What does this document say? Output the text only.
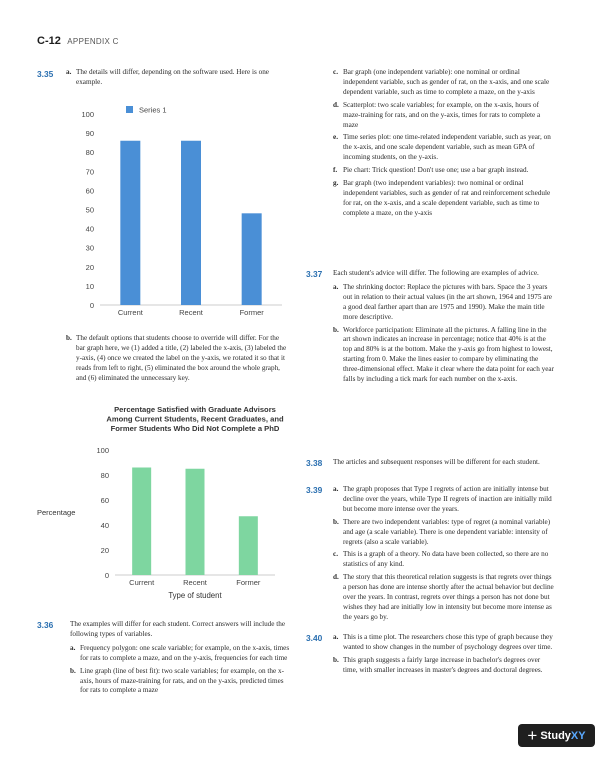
C-12 APPENDIX C
3.35 a. The details will differ, depending on the software used. Here is one example.
0
10
20
30
40
50
60
70
80
90
100
Current	Recent	Former
Series 1
b. The default options that students choose to override will differ. For the bar graph here, we (1) added a title, (2) labeled the x-axis, (3) labeled the y-axis, (4) once we created the label on the y-axis, we rotated it so that it reads from left to right, (5) eliminated the box around the whole graph, and (6) eliminated the unnecessary key.
Percentage Satisfied with Graduate Advisors
Among Current Students, Recent Graduates, and
Former Students Who Did Not Complete a PhD
0
20
40
60
80
100
Percentage
Current	Recent	Former
Type of student
3.36 The examples will differ for each student. Correct answers will include the following types of variables.
a. Frequency polygon: one scale variable; for example, on the x-axis, times for rats to complete a maze, and on the y-axis, frequencies for each time
b. Line graph (line of best fit): two scale variables; for example, on the x-axis, hours of maze-training for rats, and on the y-axis, predicted times for rats to complete a maze
c. Bar graph (one independent variable): one nominal or ordinal independent variable, such as gender of rat, on the x-axis, and one scale dependent variable, such as time to complete a maze, on the y-axis
d. Scatterplot: two scale variables; for example, on the x-axis, hours of maze-training for rats, and on the y-axis, times for rats to complete a maze
e. Time series plot: one time-related independent variable, such as year, on the x-axis, and one scale dependent variable, such as mean GPA of incoming students, on the y-axis.
f. Pie chart: Trick question! Don't use one; use a bar graph instead.
g. Bar graph (two independent variables): two nominal or ordinal independent variables, such as gender of rat and reinforcement schedule for rat, on the x-axis, and a scale dependent variable, such as time to complete a maze, on the y-axis
3.37 Each student's advice will differ. The following are examples of advice.
a. The shrinking doctor: Replace the pictures with bars. Space the 3 years out in relation to their actual values (in the art shown, 1964 and 1975 are a good deal farther apart than are 1975 and 1990). Make the main title more descriptive.
b. Workforce participation: Eliminate all the pictures. A falling line in the art shown indicates an increase in percentage; notice that 40% is at the top and 80% is at the bottom. Make the y-axis go from highest to lowest, starting from 0. Make the lines easier to compare by eliminating the three-dimensional effect. Make it clear where the data point for each year falls by including a tick mark for each number on the x-axis.
3.38 The articles and subsequent responses will be different for each student.
3.39 a. The graph proposes that Type I regrets of action are initially intense but decline over the years, while Type II regrets of inaction are initially mild but become more intense over the years.
b. There are two independent variables: type of regret (a nominal variable) and age (a scale variable). There is one dependent variable: intensity of regrets (also a scale variable).
c. This is a graph of a theory. No data have been collected, so there are no statistics of any kind.
d. The story that this theoretical relation suggests is that regrets over things a person has done are intense shortly after the actual behavior but decline over the years. In contrast, regrets over things a person has not done but wishes they had are initially low in intensity but become more intense as the years go by.
3.40 a. This is a time plot. The researchers chose this type of graph because they wanted to show changes in the number of psychology degrees over time.
b. This graph suggests a fairly large increase in bachelor's degrees over time, with smaller increases in master's degrees and doctoral degrees.
+ Study XY
